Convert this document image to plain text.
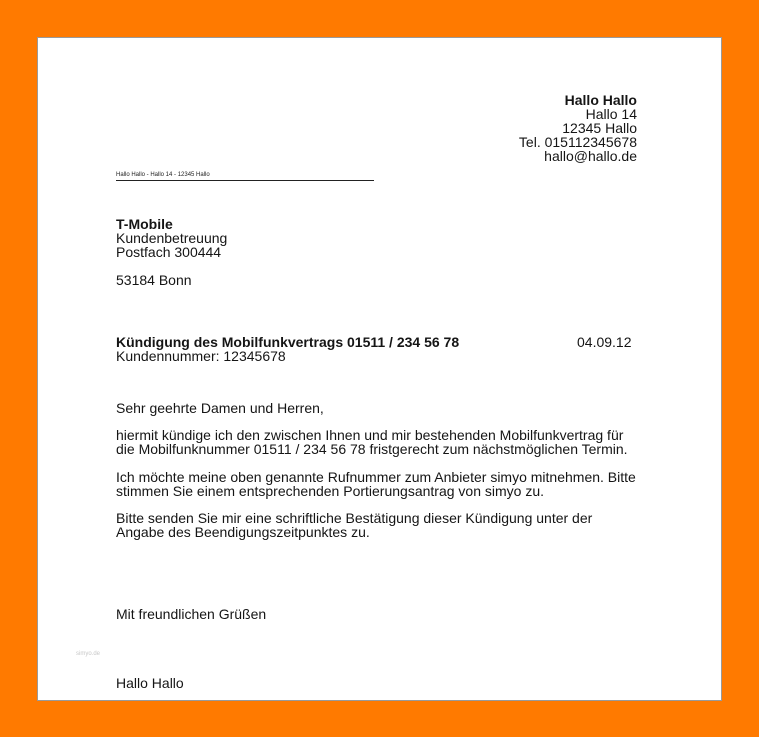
Hallo Hallo
Hallo 14
12345 Hallo
Tel. 015112345678
hallo@hallo.de
Hallo Hallo - Hallo 14 - 12345 Hallo
T-Mobile
Kundenbetreuung
Postfach 300444
53184 Bonn
Kündigung des Mobilfunkvertrags 01511 / 234 56 78	04.09.12
Kundennummer: 12345678
Sehr geehrte Damen und Herren,
hiermit kündige ich den zwischen Ihnen und mir bestehenden Mobilfunkvertrag für
die Mobilfunknummer 01511 / 234 56 78 fristgerecht zum nächstmöglichen Termin.
Ich möchte meine oben genannte Rufnummer zum Anbieter simyo mitnehmen. Bitte
stimmen Sie einem entsprechenden Portierungsantrag von simyo zu.
Bitte senden Sie mir eine schriftliche Bestätigung dieser Kündigung unter der
Angabe des Beendigungszeitpunktes zu.
Mit freundlichen Grüßen
simyo.de
Hallo Hallo
